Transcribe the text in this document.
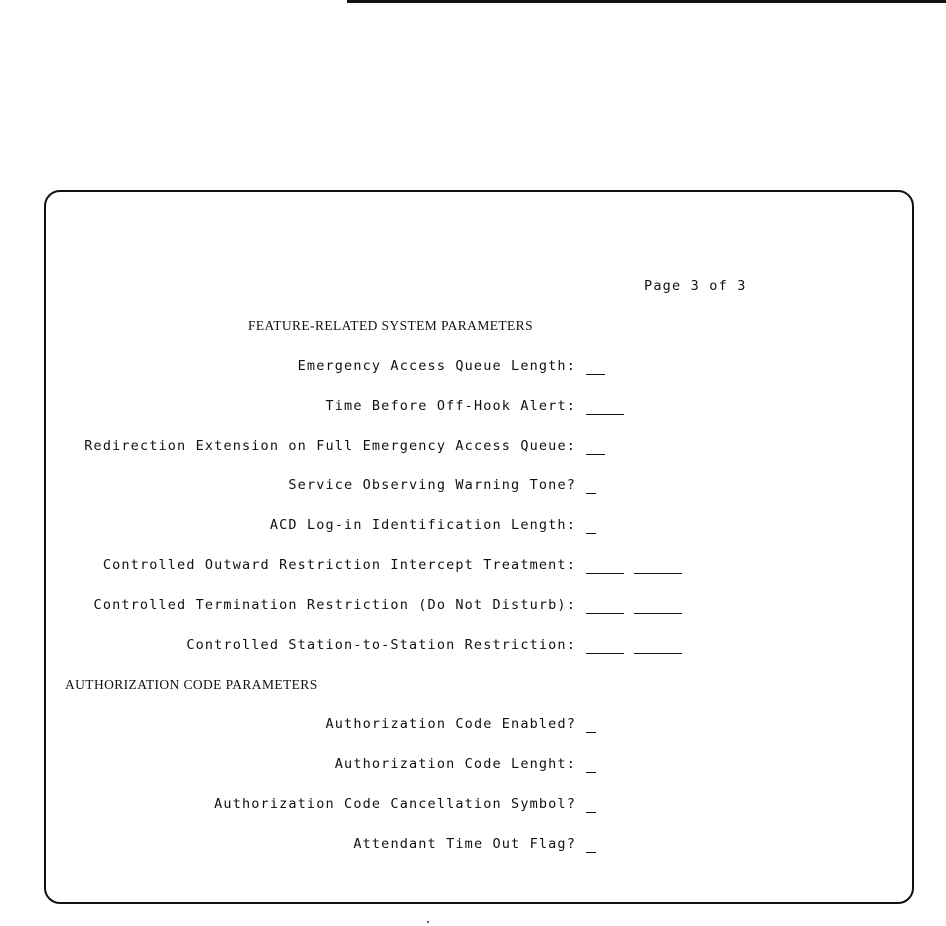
Page 3 of 3
FEATURE-RELATED SYSTEM PARAMETERS
Emergency Access Queue Length:
Time Before Off-Hook Alert:
Redirection Extension on Full Emergency Access Queue:
Service Observing Warning Tone?
ACD Log-in Identification Length:
Controlled Outward Restriction Intercept Treatment:
Controlled Termination Restriction (Do Not Disturb):
Controlled Station-to-Station Restriction:
AUTHORIZATION CODE PARAMETERS
Authorization Code Enabled?
Authorization Code Lenght:
Authorization Code Cancellation Symbol?
Attendant Time Out Flag?
